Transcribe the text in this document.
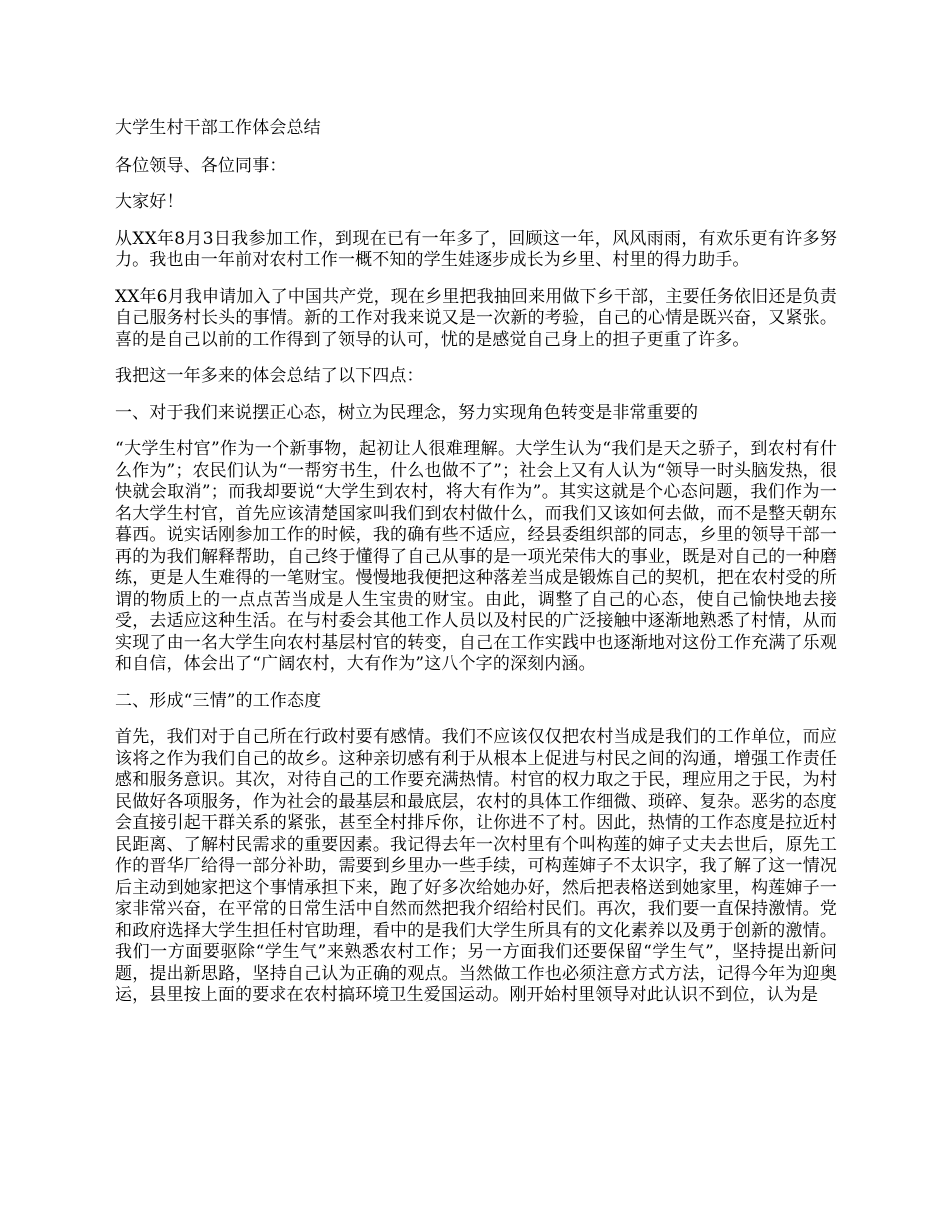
大学生村干部工作体会总结

各位领导、各位同事：

大家好！

从XX年8月3日我参加工作，到现在已有一年多了，回顾这一年，风风雨雨，有欢乐更有许多努力。我也由一年前对农村工作一概不知的学生娃逐步成长为乡里、村里的得力助手。

XX年6月我申请加入了中国共产党，现在乡里把我抽回来用做下乡干部，主要任务依旧还是负责自己服务村长头的事情。新的工作对我来说又是一次新的考验，自己的心情是既兴奋，又紧张。喜的是自己以前的工作得到了领导的认可，忧的是感觉自己身上的担子更重了许多。

我把这一年多来的体会总结了以下四点：

一、对于我们来说摆正心态，树立为民理念，努力实现角色转变是非常重要的

“大学生村官”作为一个新事物，起初让人很难理解。大学生认为“我们是天之骄子，到农村有什么作为”；农民们认为“一帮穷书生，什么也做不了”；社会上又有人认为“领导一时头脑发热，很快就会取消”；而我却要说“大学生到农村，将大有作为”。其实这就是个心态问题，我们作为一名大学生村官，首先应该清楚国家叫我们到农村做什么，而我们又该如何去做，而不是整天朝东暮西。说实话刚参加工作的时候，我的确有些不适应，经县委组织部的同志，乡里的领导干部一再的为我们解释帮助，自己终于懂得了自己从事的是一项光荣伟大的事业，既是对自己的一种磨练，更是人生难得的一笔财宝。慢慢地我便把这种落差当成是锻炼自己的契机，把在农村受的所谓的物质上的一点点苦当成是人生宝贵的财宝。由此，调整了自己的心态，使自己愉快地去接受，去适应这种生活。在与村委会其他工作人员以及村民的广泛接触中逐渐地熟悉了村情，从而实现了由一名大学生向农村基层村官的转变，自己在工作实践中也逐渐地对这份工作充满了乐观和自信，体会出了“广阔农村，大有作为”这八个字的深刻内涵。

二、形成“三情”的工作态度

首先，我们对于自己所在行政村要有感情。我们不应该仅仅把农村当成是我们的工作单位，而应该将之作为我们自己的故乡。这种亲切感有利于从根本上促进与村民之间的沟通，增强工作责任感和服务意识。其次，对待自己的工作要充满热情。村官的权力取之于民，理应用之于民，为村民做好各项服务，作为社会的最基层和最底层，农村的具体工作细微、琐碎、复杂。恶劣的态度会直接引起干群关系的紧张，甚至全村排斥你，让你进不了村。因此，热情的工作态度是拉近村民距离、了解村民需求的重要因素。我记得去年一次村里有个叫构莲的婶子丈夫去世后，原先工作的晋华厂给得一部分补助，需要到乡里办一些手续，可构莲婶子不太识字，我了解了这一情况后主动到她家把这个事情承担下来，跑了好多次给她办好，然后把表格送到她家里，构莲婶子一家非常兴奋，在平常的日常生活中自然而然把我介绍给村民们。再次，我们要一直保持激情。党和政府选择大学生担任村官助理，看中的是我们大学生所具有的文化素养以及勇于创新的激情。我们一方面要驱除“学生气”来熟悉农村工作；另一方面我们还要保留“学生气”，坚持提出新问题，提出新思路，坚持自己认为正确的观点。当然做工作也必须注意方式方法，记得今年为迎奥运，县里按上面的要求在农村搞环境卫生爱国运动。刚开始村里领导对此认识不到位，认为是
